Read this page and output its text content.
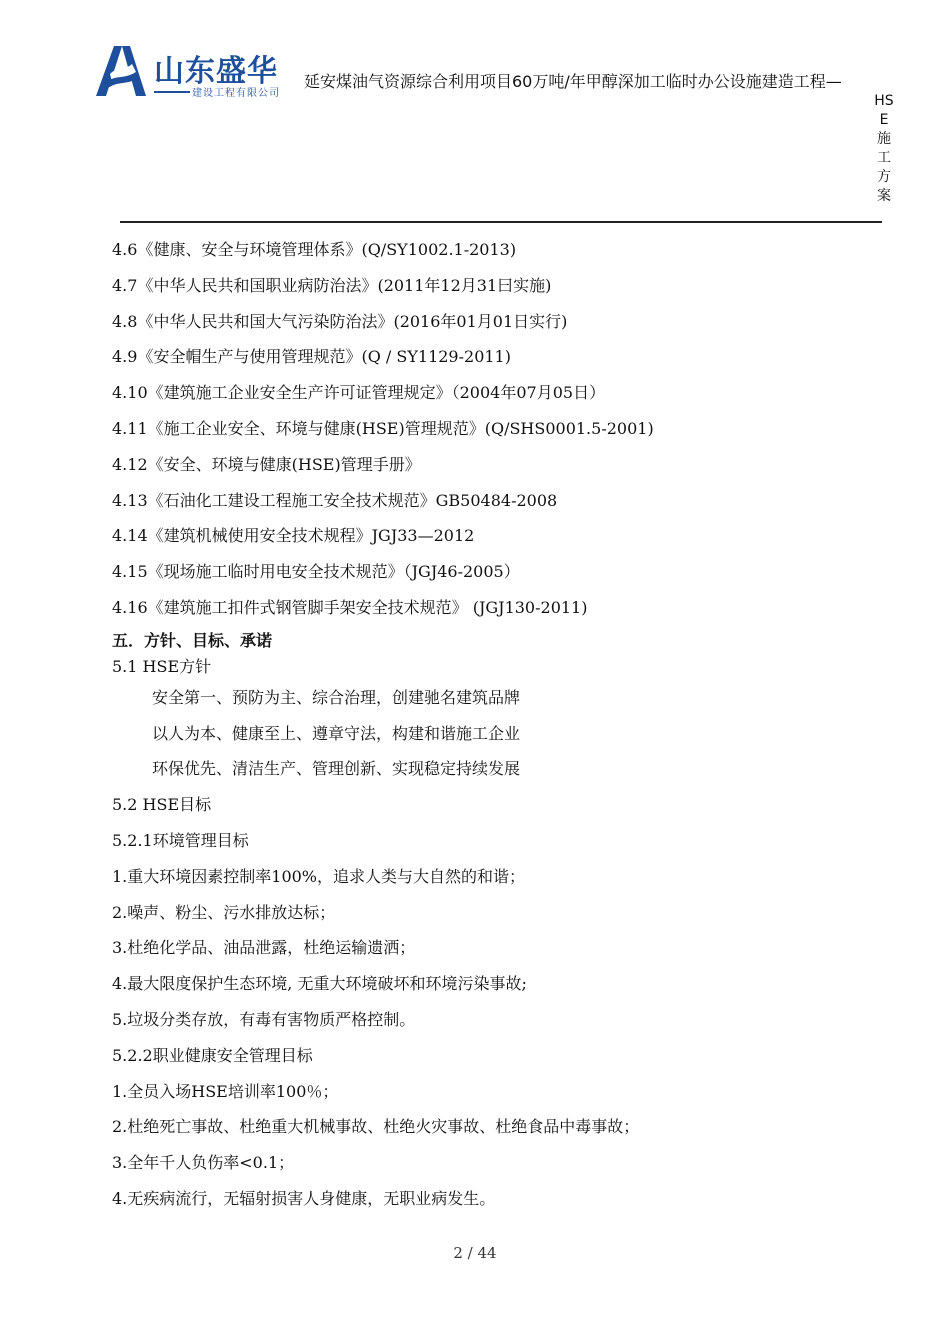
山东盛华
建设工程有限公司
延安煤油气资源综合利用项目60万吨/年甲醇深加工临时办公设施建造工程—
HSE施工方案
4.6《健康、安全与环境管理体系》(Q/SY1002.1-2013)
4.7《中华人民共和国职业病防治法》(2011年12月31曰实施)
4.8《中华人民共和国大气污染防治法》(2016年01月01日实行)
4.9《安全帽生产与使用管理规范》(Q / SY1129-2011)
4.10《建筑施工企业安全生产许可证管理规定》（2004年07月05日）
4.11《施工企业安全、环境与健康(HSE)管理规范》(Q/SHS0001.5-2001)
4.12《安全、环境与健康(HSE)管理手册》
4.13《石油化工建设工程施工安全技术规范》GB50484-2008
4.14《建筑机械使用安全技术规程》JGJ33—2012
4.15《现场施工临时用电安全技术规范》（JGJ46-2005）
4.16《建筑施工扣件式钢管脚手架安全技术规范》 (JGJ130-2011)
五．方针、目标、承诺
5.1 HSE方针
安全第一、预防为主、综合治理，创建驰名建筑品牌
以人为本、健康至上、遵章守法，构建和谐施工企业
环保优先、清洁生产、管理创新、实现稳定持续发展
5.2 HSE目标
5.2.1环境管理目标
1.重大环境因素控制率100%，追求人类与大自然的和谐；
2.噪声、粉尘、污水排放达标；
3.杜绝化学品、油品泄露，杜绝运输遗洒；
4.最大限度保护生态环境, 无重大环境破坏和环境污染事故;
5.垃圾分类存放，有毒有害物质严格控制。
5.2.2职业健康安全管理目标
1.全员入场HSE培训率100％；
2.杜绝死亡事故、杜绝重大机械事故、杜绝火灾事故、杜绝食品中毒事故；
3.全年千人负伤率<0.1；
4.无疾病流行，无辐射损害人身健康，无职业病发生。
2 / 44
